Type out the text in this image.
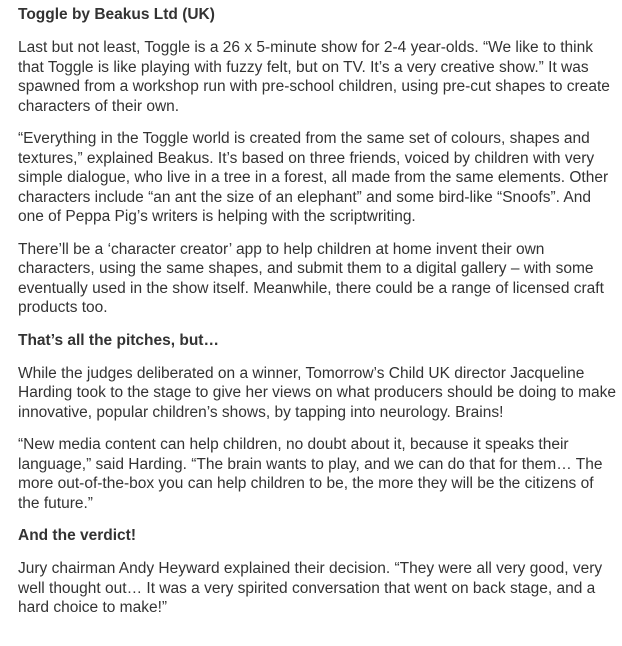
Toggle by Beakus Ltd (UK)

Last but not least, Toggle is a 26 x 5-minute show for 2-4 year-olds. “We like to think that Toggle is like playing with fuzzy felt, but on TV. It’s a very creative show.” It was spawned from a workshop run with pre-school children, using pre-cut shapes to create characters of their own.

“Everything in the Toggle world is created from the same set of colours, shapes and textures,” explained Beakus. It’s based on three friends, voiced by children with very simple dialogue, who live in a tree in a forest, all made from the same elements. Other characters include “an ant the size of an elephant” and some bird-like “Snoofs”. And one of Peppa Pig’s writers is helping with the scriptwriting.

There’ll be a ‘character creator’ app to help children at home invent their own characters, using the same shapes, and submit them to a digital gallery – with some eventually used in the show itself. Meanwhile, there could be a range of licensed craft products too.

That’s all the pitches, but…

While the judges deliberated on a winner, Tomorrow’s Child UK director Jacqueline Harding took to the stage to give her views on what producers should be doing to make innovative, popular children’s shows, by tapping into neurology. Brains!

“New media content can help children, no doubt about it, because it speaks their language,” said Harding. “The brain wants to play, and we can do that for them… The more out-of-the-box you can help children to be, the more they will be the citizens of the future.”

And the verdict!

Jury chairman Andy Heyward explained their decision. “They were all very good, very well thought out… It was a very spirited conversation that went on back stage, and a hard choice to make!”
